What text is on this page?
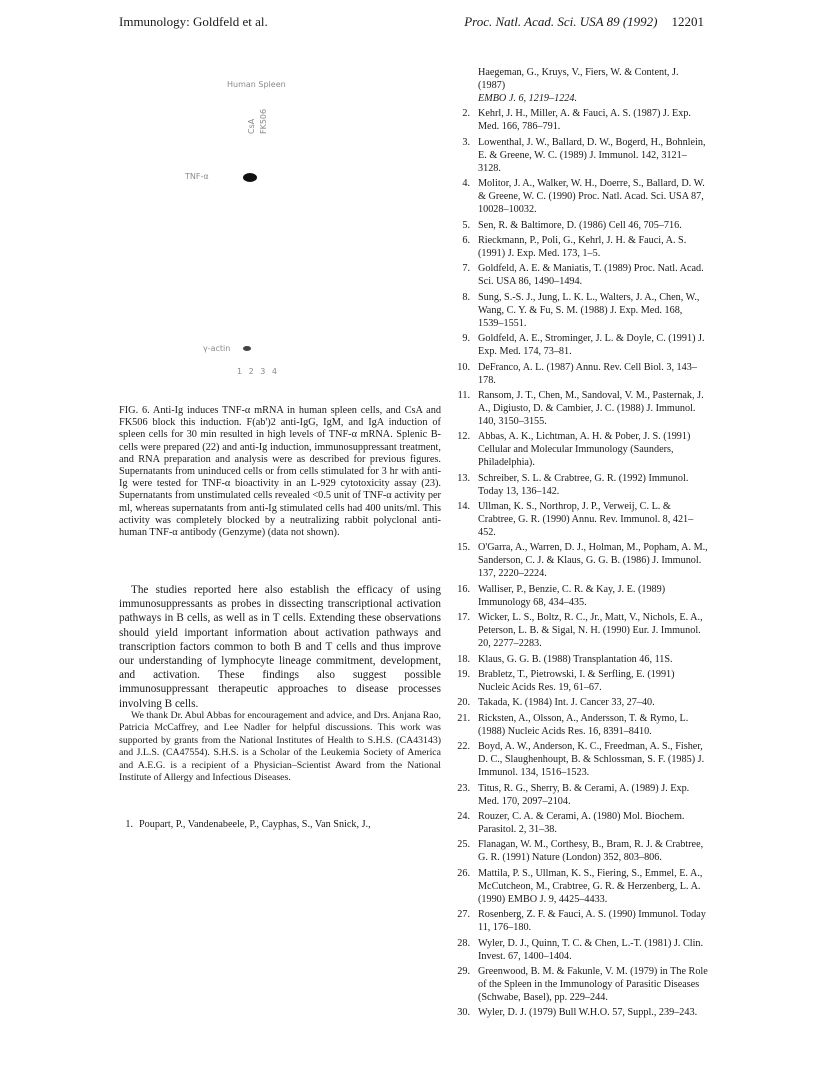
Immunology: Goldfeld et al.	Proc. Natl. Acad. Sci. USA 89 (1992) 12201
Human Spleen
CsA FK506
TNF-α
γ-actin
1 2 3 4

FIG. 6. Anti-Ig induces TNF-α mRNA in human spleen cells, and CsA and FK506 block this induction. F(ab')2 anti-IgG, IgM, and IgA induction of spleen cells for 30 min resulted in high levels of TNF-α mRNA. Splenic B-cells were prepared (22) and anti-Ig induction, immunosuppressant treatment, and RNA preparation and analysis were as described for previous figures. Supernatants from uninduced cells or from cells stimulated for 3 hr with anti-Ig were tested for TNF-α bioactivity in an L-929 cytotoxicity assay (23). Supernatants from unstimulated cells revealed <0.5 unit of TNF-α activity per ml, whereas supernatants from anti-Ig stimulated cells had 400 units/ml. This activity was completely blocked by a neutralizing rabbit polyclonal anti-human TNF-α antibody (Genzyme) (data not shown).

The studies reported here also establish the efficacy of using immunosuppressants as probes in dissecting transcriptional activation pathways in B cells, as well as in T cells. Extending these observations should yield important information about activation pathways and transcription factors common to both B and T cells and thus improve our understanding of lymphocyte lineage commitment, development, and activation. These findings also suggest possible immunosuppressant therapeutic approaches to disease processes involving B cells.

We thank Dr. Abul Abbas for encouragement and advice, and Drs. Anjana Rao, Patricia McCaffrey, and Lee Nadler for helpful discussions. This work was supported by grants from the National Institutes of Health to S.H.S. (CA43143) and J.L.S. (CA47554). S.H.S. is a Scholar of the Leukemia Society of America and A.E.G. is a recipient of a Physician–Scientist Award from the National Institute of Allergy and Infectious Diseases.

1. Poupart, P., Vandenabeele, P., Cayphas, S., Van Snick, J.,

Haegeman, G., Kruys, V., Fiers, W. & Content, J. (1987)
EMBO J. 6, 1219–1224.
2. Kehrl, J. H., Miller, A. & Fauci, A. S. (1987) J. Exp. Med. 166, 786–791.
3. Lowenthal, J. W., Ballard, D. W., Bogerd, H., Bohnlein, E. & Greene, W. C. (1989) J. Immunol. 142, 3121–3128.
4. Molitor, J. A., Walker, W. H., Doerre, S., Ballard, D. W. & Greene, W. C. (1990) Proc. Natl. Acad. Sci. USA 87, 10028–10032.
5. Sen, R. & Baltimore, D. (1986) Cell 46, 705–716.
6. Rieckmann, P., Poli, G., Kehrl, J. H. & Fauci, A. S. (1991) J. Exp. Med. 173, 1–5.
7. Goldfeld, A. E. & Maniatis, T. (1989) Proc. Natl. Acad. Sci. USA 86, 1490–1494.
8. Sung, S.-S. J., Jung, L. K. L., Walters, J. A., Chen, W., Wang, C. Y. & Fu, S. M. (1988) J. Exp. Med. 168, 1539–1551.
9. Goldfeld, A. E., Strominger, J. L. & Doyle, C. (1991) J. Exp. Med. 174, 73–81.
10. DeFranco, A. L. (1987) Annu. Rev. Cell Biol. 3, 143–178.
11. Ransom, J. T., Chen, M., Sandoval, V. M., Pasternak, J. A., Digiusto, D. & Cambier, J. C. (1988) J. Immunol. 140, 3150–3155.
12. Abbas, A. K., Lichtman, A. H. & Pober, J. S. (1991) Cellular and Molecular Immunology (Saunders, Philadelphia).
13. Schreiber, S. L. & Crabtree, G. R. (1992) Immunol. Today 13, 136–142.
14. Ullman, K. S., Northrop, J. P., Verweij, C. L. & Crabtree, G. R. (1990) Annu. Rev. Immunol. 8, 421–452.
15. O'Garra, A., Warren, D. J., Holman, M., Popham, A. M., Sanderson, C. J. & Klaus, G. G. B. (1986) J. Immunol. 137, 2220–2224.
16. Walliser, P., Benzie, C. R. & Kay, J. E. (1989) Immunology 68, 434–435.
17. Wicker, L. S., Boltz, R. C., Jr., Matt, V., Nichols, E. A., Peterson, L. B. & Sigal, N. H. (1990) Eur. J. Immunol. 20, 2277–2283.
18. Klaus, G. G. B. (1988) Transplantation 46, 11S.
19. Brabletz, T., Pietrowski, I. & Serfling, E. (1991) Nucleic Acids Res. 19, 61–67.
20. Takada, K. (1984) Int. J. Cancer 33, 27–40.
21. Ricksten, A., Olsson, A., Andersson, T. & Rymo, L. (1988) Nucleic Acids Res. 16, 8391–8410.
22. Boyd, A. W., Anderson, K. C., Freedman, A. S., Fisher, D. C., Slaughenhoupt, B. & Schlossman, S. F. (1985) J. Immunol. 134, 1516–1523.
23. Titus, R. G., Sherry, B. & Cerami, A. (1989) J. Exp. Med. 170, 2097–2104.
24. Rouzer, C. A. & Cerami, A. (1980) Mol. Biochem. Parasitol. 2, 31–38.
25. Flanagan, W. M., Corthesy, B., Bram, R. J. & Crabtree, G. R. (1991) Nature (London) 352, 803–806.
26. Mattila, P. S., Ullman, K. S., Fiering, S., Emmel, E. A., McCutcheon, M., Crabtree, G. R. & Herzenberg, L. A. (1990) EMBO J. 9, 4425–4433.
27. Rosenberg, Z. F. & Fauci, A. S. (1990) Immunol. Today 11, 176–180.
28. Wyler, D. J., Quinn, T. C. & Chen, L.-T. (1981) J. Clin. Invest. 67, 1400–1404.
29. Greenwood, B. M. & Fakunle, V. M. (1979) in The Role of the Spleen in the Immunology of Parasitic Diseases (Schwabe, Basel), pp. 229–244.
30. Wyler, D. J. (1979) Bull W.H.O. 57, Suppl., 239–243.
